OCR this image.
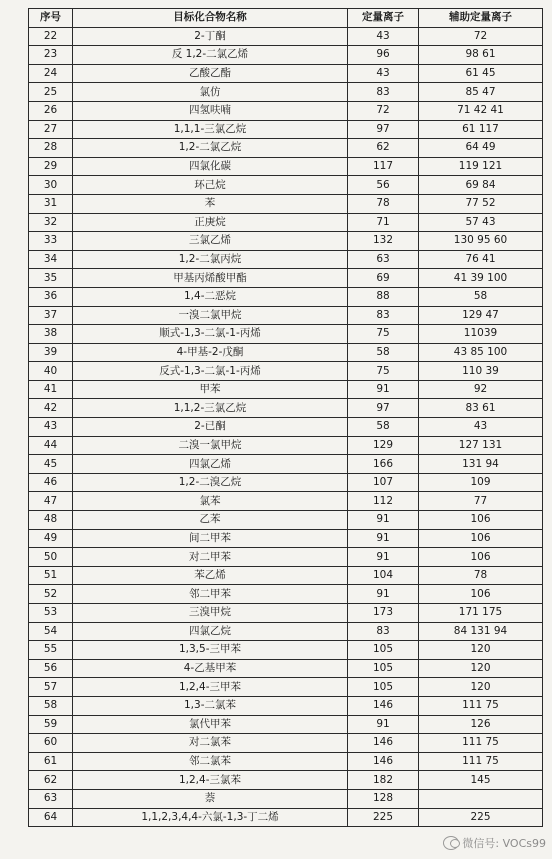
序号	目标化合物名称	定量离子	辅助定量离子
22	2-丁酮	43	72
23	反 1,2-二氯乙烯	96	98 61
24	乙酸乙酯	43	61 45
25	氯仿	83	85 47
26	四氢呋喃	72	71 42 41
27	1,1,1-三氯乙烷	97	61 117
28	1,2-二氯乙烷	62	64 49
29	四氯化碳	117	119 121
30	环己烷	56	69 84
31	苯	78	77 52
32	正庚烷	71	57 43
33	三氯乙烯	132	130 95 60
34	1,2-二氯丙烷	63	76 41
35	甲基丙烯酸甲酯	69	41 39 100
36	1,4-二恶烷	88	58
37	一溴二氯甲烷	83	129 47
38	顺式-1,3-二氯-1-丙烯	75	11039
39	4-甲基-2-戊酮	58	43 85 100
40	反式-1,3-二氯-1-丙烯	75	110 39
41	甲苯	91	92
42	1,1,2-三氯乙烷	97	83 61
43	2-已酮	58	43
44	二溴一氯甲烷	129	127 131
45	四氯乙烯	166	131 94
46	1,2-二溴乙烷	107	109
47	氯苯	112	77
48	乙苯	91	106
49	间二甲苯	91	106
50	对二甲苯	91	106
51	苯乙烯	104	78
52	邻二甲苯	91	106
53	三溴甲烷	173	171 175
54	四氯乙烷	83	84 131 94
55	1,3,5-三甲苯	105	120
56	4-乙基甲苯	105	120
57	1,2,4-三甲苯	105	120
58	1,3-二氯苯	146	111 75
59	氯代甲苯	91	126
60	对二氯苯	146	111 75
61	邻二氯苯	146	111 75
62	1,2,4-三氯苯	182	145
63	萘	128	
64	1,1,2,3,4,4-六氯-1,3-丁二烯	225	225
微信号: VOCs99
